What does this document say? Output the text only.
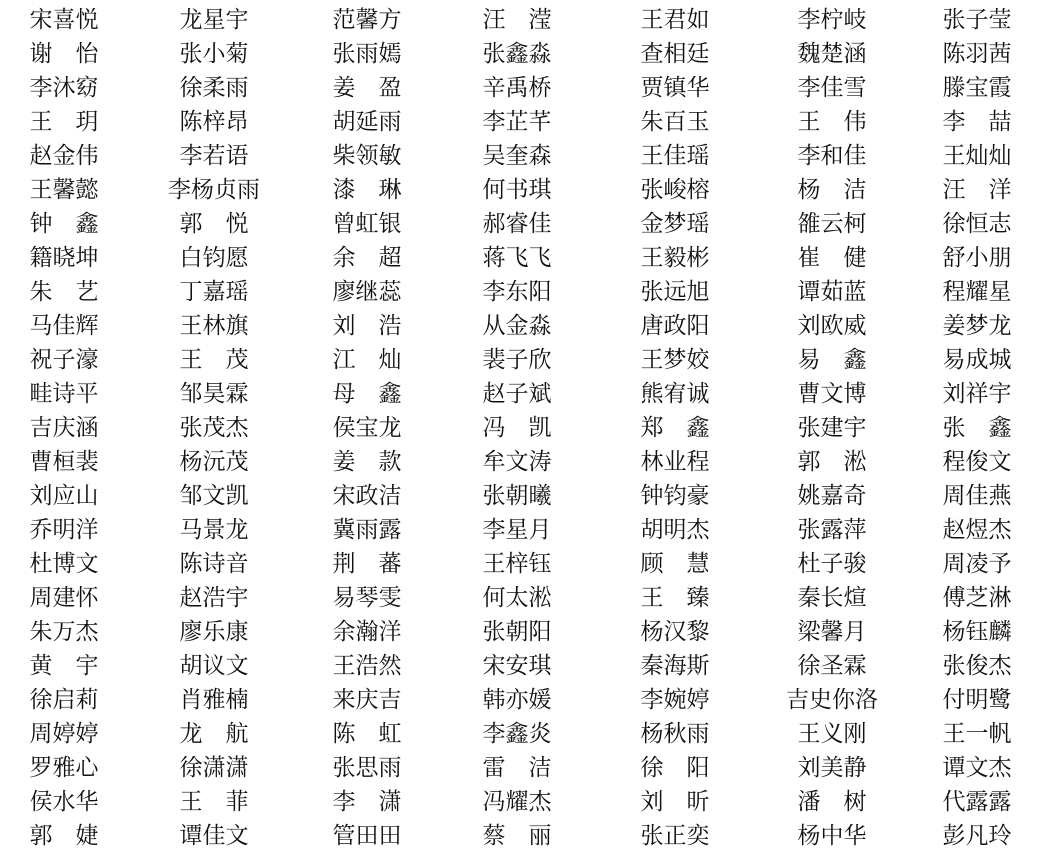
宋喜悦	龙星宇	范馨方	汪　滢	王君如	李柠岐	张子莹
谢　怡	张小菊	张雨嫣	张鑫淼	查相廷	魏楚涵	陈羽茜
李沐窈	徐柔雨	姜　盈	辛禹桥	贾镇华	李佳雪	滕宝霞
王　玥	陈梓昂	胡延雨	李芷芊	朱百玉	王　伟	李　喆
赵金伟	李若语	柴领敏	吴奎森	王佳瑶	李和佳	王灿灿
王馨懿	李杨贞雨	漆　琳	何书琪	张峻榕	杨　洁	汪　洋
钟　鑫	郭　悦	曾虹银	郝睿佳	金梦瑶	雒云柯	徐恒志
籍晓坤	白钧愿	余　超	蒋飞飞	王毅彬	崔　健	舒小朋
朱　艺	丁嘉瑶	廖继蕊	李东阳	张远旭	谭茹蓝	程耀星
马佳辉	王林旗	刘　浩	从金淼	唐政阳	刘欧威	姜梦龙
祝子濠	王　茂	江　灿	裴子欣	王梦姣	易　鑫	易成城
畦诗平	邹昊霖	母　鑫	赵子斌	熊宥诚	曹文博	刘祥宇
吉庆涵	张茂杰	侯宝龙	冯　凯	郑　鑫	张建宇	张　鑫
曹桓裴	杨沅茂	姜　款	牟文涛	林业程	郭　淞	程俊文
刘应山	邹文凯	宋政洁	张朝曦	钟钧豪	姚嘉奇	周佳燕
乔明洋	马景龙	冀雨露	李星月	胡明杰	张露萍	赵煜杰
杜博文	陈诗音	荆　蕃	王梓钰	顾　慧	杜子骏	周凌予
周建怀	赵浩宇	易琴雯	何太淞	王　臻	秦长煊	傅芝淋
朱万杰	廖乐康	余瀚洋	张朝阳	杨汉黎	梁馨月	杨钰麟
黄　宇	胡议文	王浩然	宋安琪	秦海斯	徐圣霖	张俊杰
徐启莉	肖雅楠	来庆吉	韩亦媛	李婉婷	吉史你洛	付明鹭
周婷婷	龙　航	陈　虹	李鑫炎	杨秋雨	王义刚	王一帆
罗雅心	徐潇潇	张思雨	雷　洁	徐　阳	刘美静	谭文杰
侯水华	王　菲	李　潇	冯耀杰	刘　昕	潘　树	代露露
郭　婕	谭佳文	管田田	蔡　丽	张正奕	杨中华	彭凡玲
